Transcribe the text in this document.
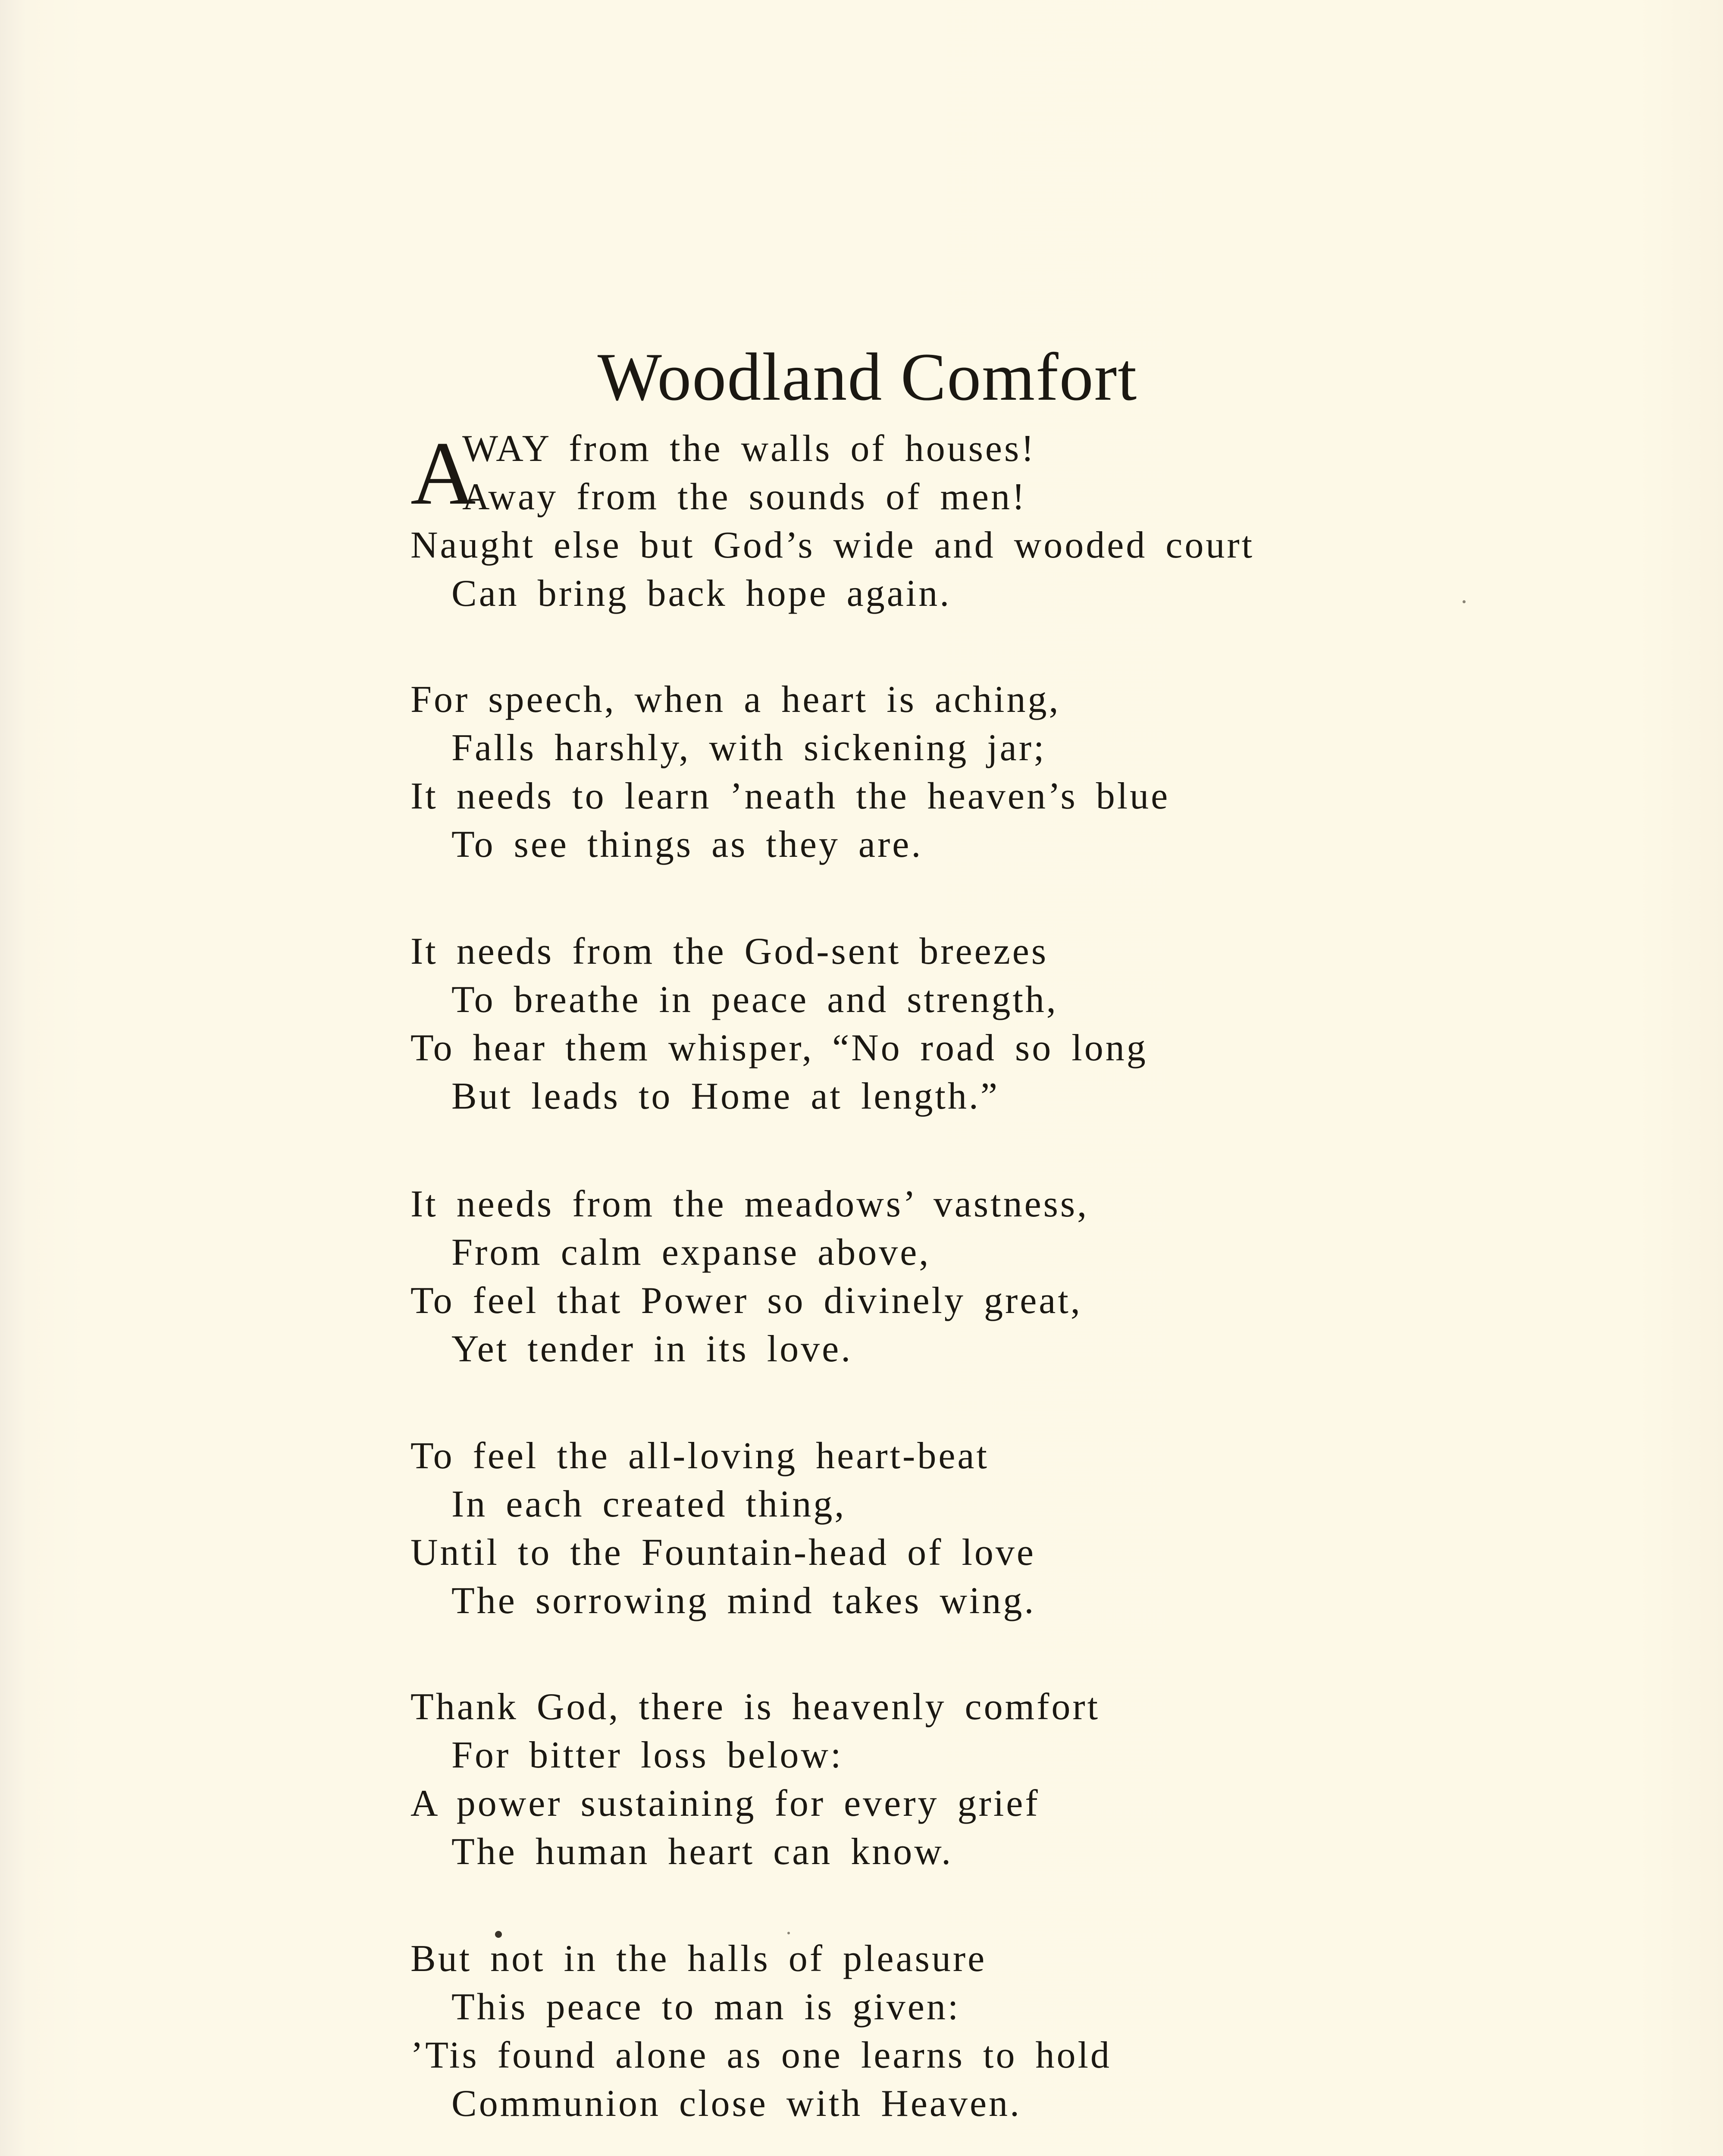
Woodland Comfort
A
WAY from the walls of houses!
Away from the sounds of men!
Naught else but God’s wide and wooded court
Can bring back hope again.
For speech, when a heart is aching,
Falls harshly, with sickening jar;
It needs to learn ’neath the heaven’s blue
To see things as they are.
It needs from the God-sent breezes
To breathe in peace and strength,
To hear them whisper, “No road so long
But leads to Home at length.”
It needs from the meadows’ vastness,
From calm expanse above,
To feel that Power so divinely great,
Yet tender in its love.
To feel the all-loving heart-beat
In each created thing,
Until to the Fountain-head of love
The sorrowing mind takes wing.
Thank God, there is heavenly comfort
For bitter loss below:
A power sustaining for every grief
The human heart can know.
But not in the halls of pleasure
This peace to man is given:
’Tis found alone as one learns to hold
Communion close with Heaven.
